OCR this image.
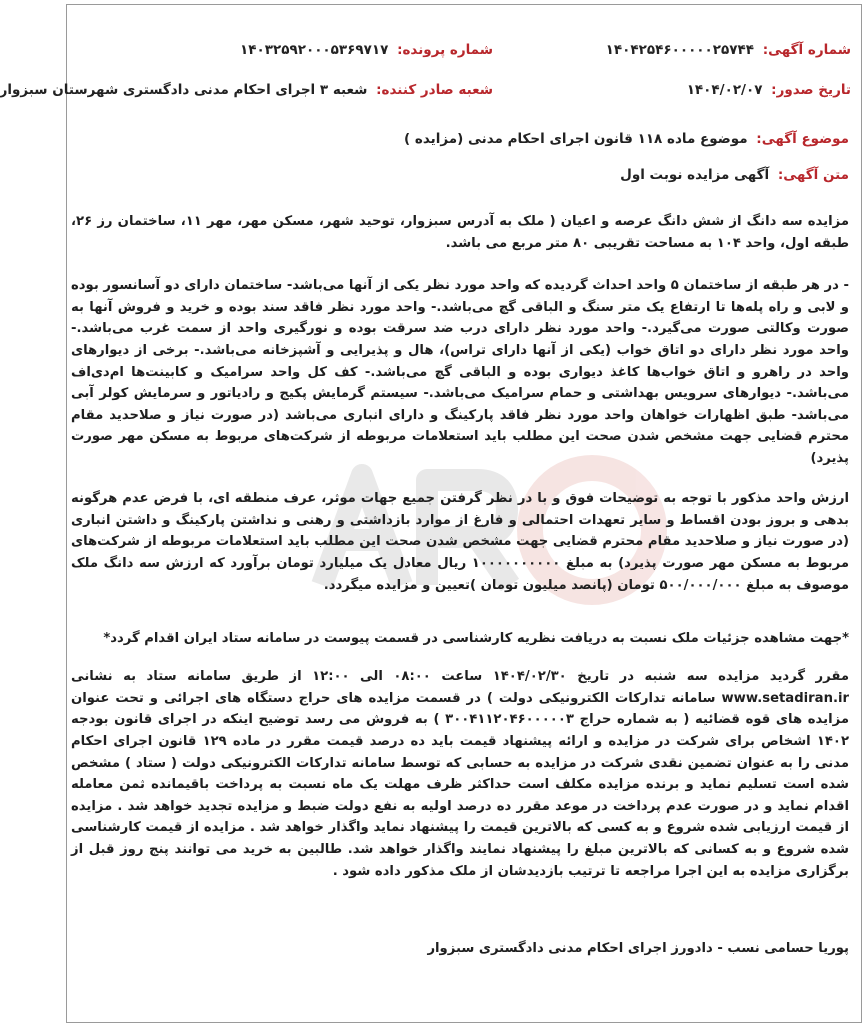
شماره آگهی: ۱۴۰۴۲۵۴۶۰۰۰۰۰۲۵۷۴۴
شماره پرونده: ۱۴۰۳۲۵۹۲۰۰۰۵۳۶۹۷۱۷
تاریخ صدور: ۱۴۰۴/۰۲/۰۷
شعبه صادر کننده: شعبه ۳ اجرای احکام مدنی دادگستری شهرستان سبزوار
موضوع آگهی: موضوع ماده ۱۱۸ قانون اجرای احکام مدنی (مزایده )
متن آگهی: آگهی مزایده نوبت اول

مزایده سه دانگ از شش دانگ عرصه و اعیان ( ملک به آدرس سبزوار، توحید شهر، مسکن مهر، مهر ۱۱، ساختمان رز ۲۶، طبقه اول، واحد ۱۰۴ به مساحت تقریبی ۸۰ متر مربع می باشد.

- در هر طبقه از ساختمان ۵ واحد احداث گردیده که واحد مورد نظر یکی از آنها می‌باشد- ساختمان دارای دو آسانسور بوده و لابی و راه پله‌ها تا ارتفاع یک متر سنگ و الباقی گچ می‌باشد.- واحد مورد نظر فاقد سند بوده و خرید و فروش آنها به صورت وکالتی صورت می‌گیرد.- واحد مورد نظر دارای درب ضد سرقت بوده و نورگیری واحد از سمت غرب می‌باشد.- واحد مورد نظر دارای دو اتاق خواب (یکی از آنها دارای تراس)، هال و پذیرایی و آشپزخانه می‌باشد.- برخی از دیوارهای واحد در راهرو و اتاق خواب‌ها کاغذ دیواری بوده و الباقی گچ می‌باشد.- کف کل واحد سرامیک و کابینت‌ها ام‌دی‌اف می‌باشد.- دیوارهای سرویس بهداشتی و حمام سرامیک می‌باشد.- سیستم گرمایش پکیج و رادیاتور و سرمایش کولر آبی می‌باشد- طبق اظهارات خواهان واحد مورد نظر فاقد پارکینگ و دارای انباری می‌باشد (در صورت نیاز و صلاحدید مقام محترم قضایی جهت مشخص شدن صحت این مطلب باید استعلامات مربوطه از شرکت‌های مربوط به مسکن مهر صورت پذیرد)

ارزش واحد مذکور با توجه به توضیحات فوق و با در نظر گرفتن جمیع جهات موثر، عرف منطقه ای، با فرض عدم هرگونه بدهی و بروز بودن اقساط و سایر تعهدات احتمالی و فارغ از موارد بازداشتی و رهنی و نداشتن پارکینگ و داشتن انباری (در صورت نیاز و صلاحدید مقام محترم قضایی جهت مشخص شدن صحت این مطلب باید استعلامات مربوطه از شرکت‌های مربوط به مسکن مهر صورت پذیرد) به مبلغ ۱۰۰۰۰۰۰۰۰۰۰ ریال معادل یک میلیارد تومان برآورد که ارزش سه دانگ ملک موصوف به مبلغ ۵۰۰/۰۰۰/۰۰۰ تومان (پانصد میلیون تومان )تعیین و مزایده میگردد.

*جهت مشاهده جزئیات ملک نسبت به دریافت نظریه کارشناسی در قسمت پیوست در سامانه ستاد ایران اقدام گردد*

مقرر گردید مزایده سه شنبه در تاریخ ۱۴۰۴/۰۲/۳۰ ساعت ۰۸:۰۰ الی ۱۲:۰۰ از طریق سامانه ستاد به نشانی www.setadiran.ir سامانه تدارکات الکترونیکی دولت ) در قسمت مزایده های حراج دستگاه های اجرائی و تحت عنوان مزایده های قوه قضائیه ( به شماره حراج ۳۰۰۴۱۱۲۰۴۶۰۰۰۰۰۳ ) به فروش می رسد توضیح اینکه در اجرای قانون بودجه ۱۴۰۲ اشخاص برای شرکت در مزایده و ارائه پیشنهاد قیمت باید ده درصد قیمت مقرر در ماده ۱۲۹ قانون اجرای احکام مدنی را به عنوان تضمین نقدی شرکت در مزایده به حسابی که توسط سامانه تدارکات الکترونیکی دولت ( ستاد ) مشخص شده است تسلیم نماید و برنده مزایده مکلف است حداکثر ظرف مهلت یک ماه نسبت به پرداخت باقیمانده ثمن معامله اقدام نماید و در صورت عدم پرداخت در موعد مقرر ده درصد اولیه به نفع دولت ضبط و مزایده تجدید خواهد شد . مزایده از قیمت ارزیابی شده شروع و به کسی که بالاترین قیمت را پیشنهاد نماید واگذار خواهد شد . مزایده از قیمت کارشناسی شده شروع و به کسانی که بالاترین مبلغ را پیشنهاد نمایند واگذار خواهد شد. طالبین به خرید می توانند پنج روز قبل از برگزاری مزایده به این اجرا مراجعه تا ترتیب بازدیدشان از ملک مذکور داده شود .

پوریا حسامی نسب - دادورز اجرای احکام مدنی دادگستری سبزوار
